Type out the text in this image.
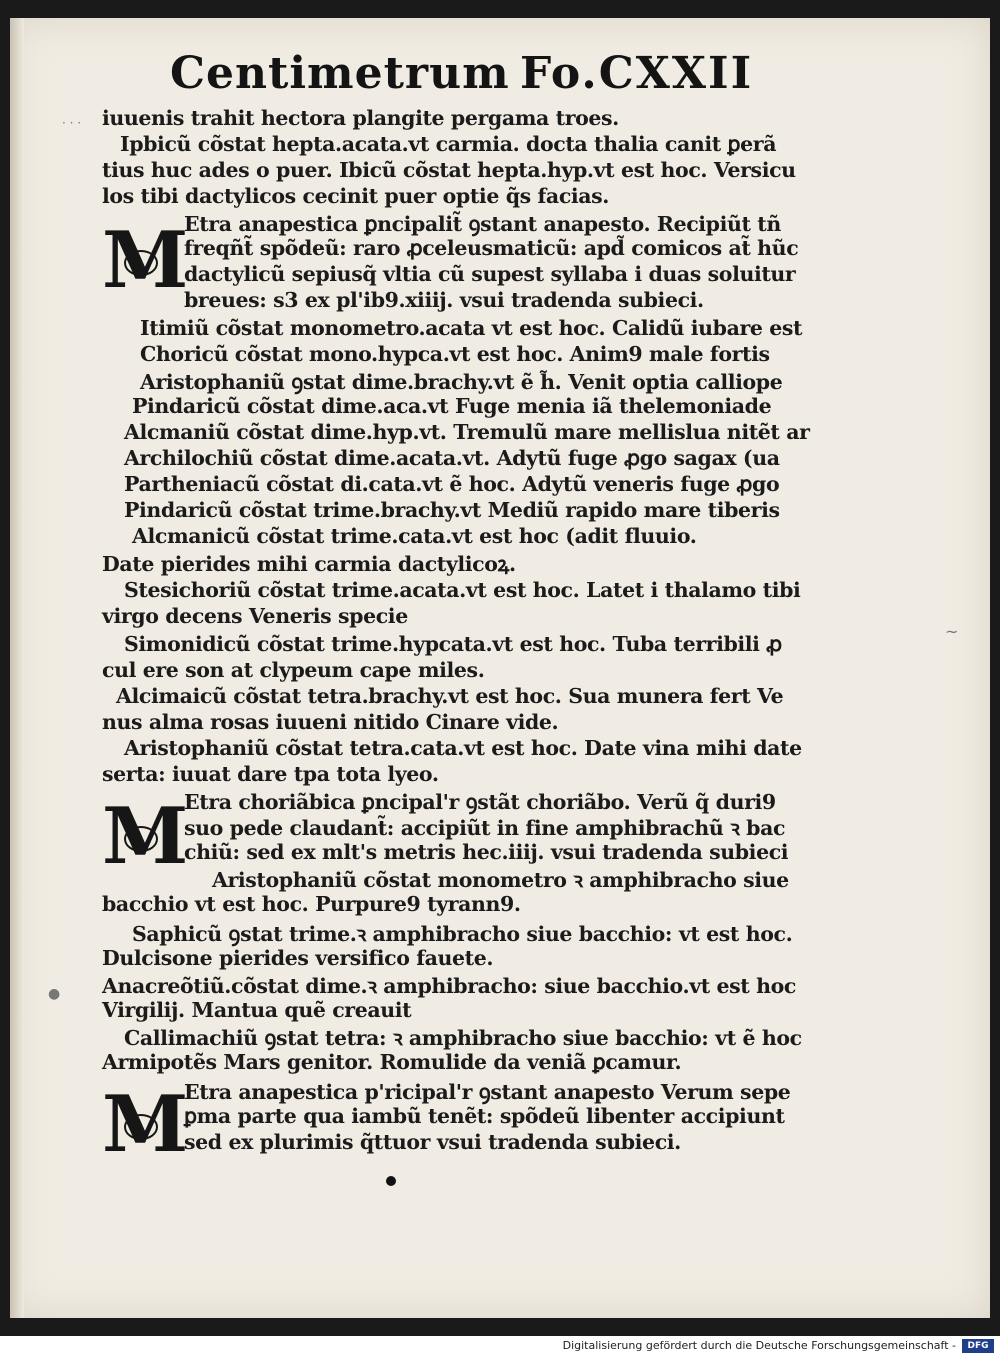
Centimetrum Fo.CXXII
· · ·
●
~
iuuenis trahit hectora plangite pergama troes.
Ipbicũ cõstat hepta.acata.vt carmia. docta thalia canit ꝑerã
tius huc ades o puer. Ibicũ cõstat hepta.hyp.vt est hoc. Versicu
los tibi dactylicos cecinit puer optie q̃s facias.
M
Etra anapestica ꝑncipalit̃ ꝯstant anapesto. Recipiũt tñ
freqñt̃ spõdeũ: raro ꝓceleusmaticũ: apd̃ comicos at̃ hũc
dactylicũ sepiusq̃ vltia cũ supest syllaba i duas soluitur
breues: s3 ex pl'ib9.xiiij. vsui tradenda subieci.
Itimiũ cõstat monometro.acata vt est hoc. Calidũ iubare est
Choricũ cõstat mono.hypca.vt est hoc. Anim9 male fortis
Aristophaniũ ꝯstat dime.brachy.vt ẽ h̃. Venit optia calliope
Pindaricũ cõstat dime.aca.vt Fuge menia iã thelemoniade
Alcmaniũ cõstat dime.hyp.vt. Tremulũ mare mellislua nitẽt ar
Archilochiũ cõstat dime.acata.vt. Adytũ fuge ꝓgo sagax (ua
Partheniacũ cõstat di.cata.vt ẽ hoc. Adytũ veneris fuge ꝓgo
Pindaricũ cõstat trime.brachy.vt Mediũ rapido mare tiberis
Alcmanicũ cõstat trime.cata.vt est hoc (adit fluuio.
Date pierides mihi carmia dactylicoꝝ.
Stesichoriũ cõstat trime.acata.vt est hoc. Latet i thalamo tibi
virgo decens Veneris specie
Simonidicũ cõstat trime.hypcata.vt est hoc. Tuba terribili ꝓ
cul ere son at clypeum cape miles.
Alcimaicũ cõstat tetra.brachy.vt est hoc. Sua munera fert Ve
nus alma rosas iuueni nitido Cinare vide.
Aristophaniũ cõstat tetra.cata.vt est hoc. Date vina mihi date
serta: iuuat dare tpa tota lyeo.
M
Etra choriãbica ꝑncipal'r ꝯstãt choriãbo. Verũ q̃ duri9
suo pede claudant̃: accipiũt in fine amphibrachũ ꝛ bac
chiũ: sed ex mlt's metris hec.iiij. vsui tradenda subieci
Aristophaniũ cõstat monometro ꝛ amphibracho siue
bacchio vt est hoc. Purpure9 tyrann9.
Saphicũ ꝯstat trime.ꝛ amphibracho siue bacchio: vt est hoc.
Dulcisone pierides versifico fauete.
Anacreõtiũ.cõstat dime.ꝛ amphibracho: siue bacchio.vt est hoc
Virgilij. Mantua quẽ creauit
Callimachiũ ꝯstat tetra: ꝛ amphibracho siue bacchio: vt ẽ hoc
Armipotẽs Mars genitor. Romulide da veniã ꝑcamur.
M
Etra anapestica p'ricipal'r ꝯstant anapesto Verum sepe
ꝑma parte qua iambũ tenẽt: spõdeũ libenter accipiunt
sed ex plurimis q̃ttuor vsui tradenda subieci.
Digitalisierung gefördert durch die Deutsche Forschungsgemeinschaft -	DFG
